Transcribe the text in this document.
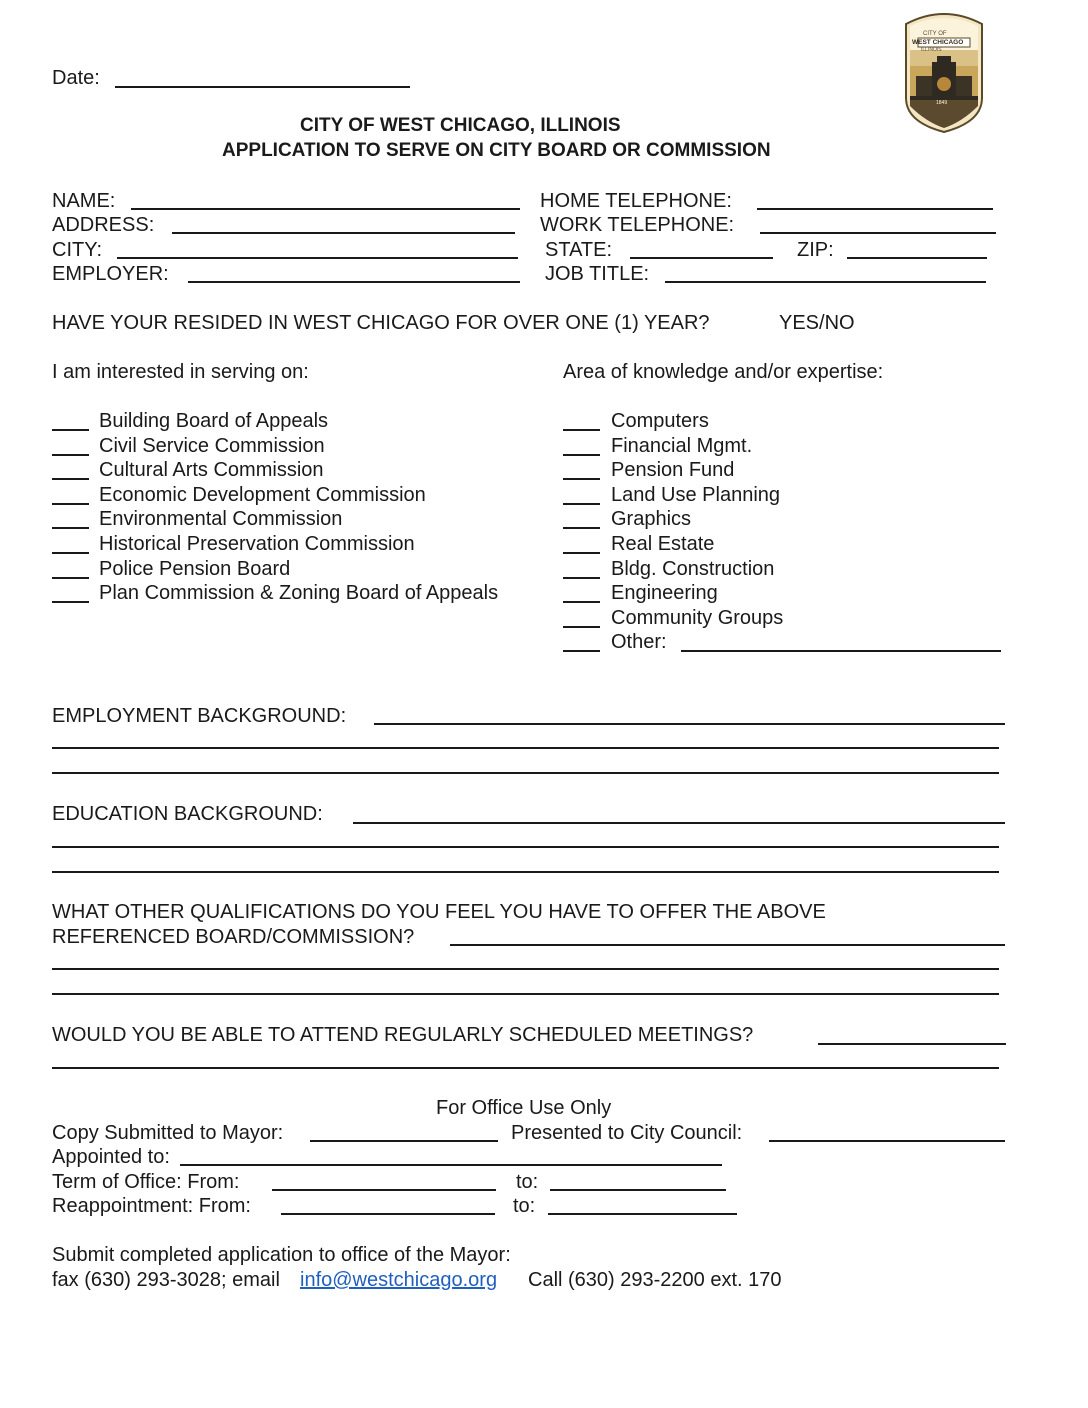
Date:
CITY OF WEST CHICAGO, ILLINOIS
APPLICATION TO SERVE ON CITY BOARD OR COMMISSION
CITY OF
WEST CHICAGO
ILLINOIS
1849
NAME:	HOME TELEPHONE:
ADDRESS:	WORK TELEPHONE:
CITY:	STATE:	ZIP:
EMPLOYER:	JOB TITLE:
HAVE YOUR RESIDED IN WEST CHICAGO FOR OVER ONE (1) YEAR?	YES/NO
I am interested in serving on:	Area of knowledge and/or expertise:
Building Board of Appeals
Civil Service Commission
Cultural Arts Commission
Economic Development Commission
Environmental Commission
Historical Preservation Commission
Police Pension Board
Plan Commission & Zoning Board of Appeals
Computers
Financial Mgmt.
Pension Fund
Land Use Planning
Graphics
Real Estate
Bldg. Construction
Engineering
Community Groups
Other:
EMPLOYMENT BACKGROUND:
EDUCATION BACKGROUND:
WHAT OTHER QUALIFICATIONS DO YOU FEEL YOU HAVE TO OFFER THE ABOVE
REFERENCED BOARD/COMMISSION?
WOULD YOU BE ABLE TO ATTEND REGULARLY SCHEDULED MEETINGS?
For Office Use Only
Copy Submitted to Mayor:	Presented to City Council:
Appointed to:
Term of Office: From:	to:
Reappointment: From:	to:
Submit completed application to office of the Mayor:
fax (630) 293-3028; email info@westchicago.org Call (630) 293-2200 ext. 170
